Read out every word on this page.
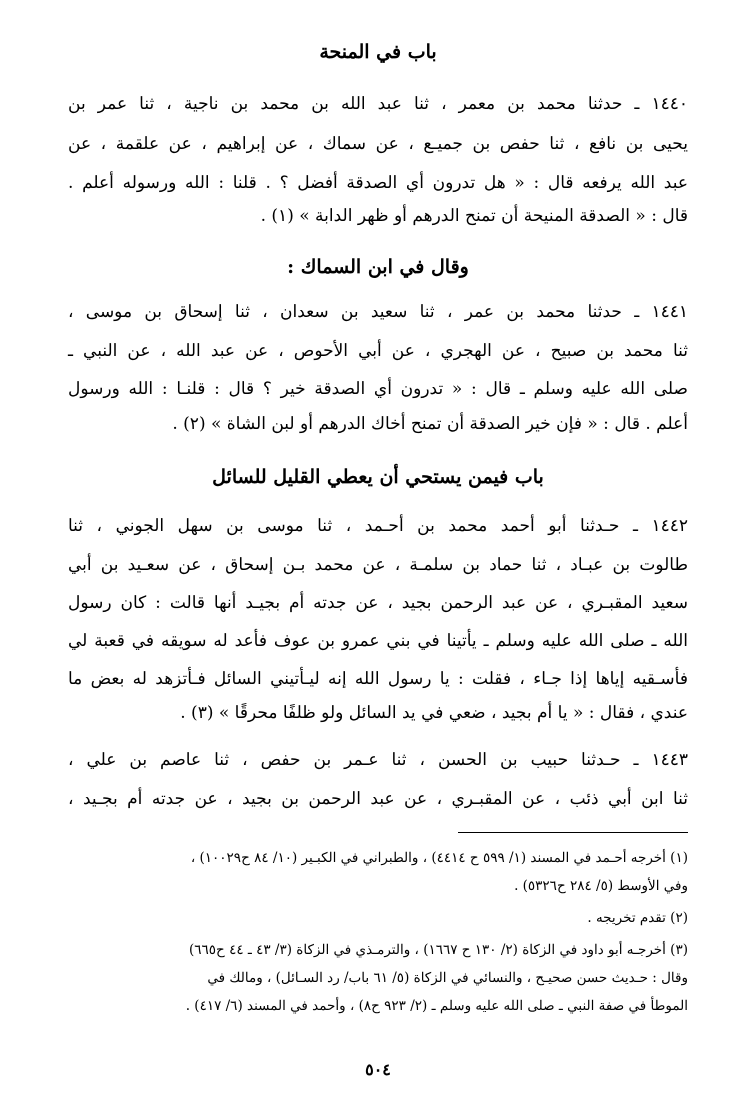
باب في المنحة
١٤٤٠ ـ حدثنا محمد بن معمر ، ثنا عبد الله بن محمد بن ناجية ، ثنا عمر بن
يحيى بن نافع ، ثنا حفص بن جميـع ، عن سماك ، عن إبراهيم ، عن علقمة ، عن
عبد الله يرفعه قال : « هل تدرون أي الصدقة أفضل ؟ . قلنا : الله ورسوله أعلم .
قال : « الصدقة المنيحة أن تمنح الدرهم أو ظهر الدابة » (١) .
وقال في ابن السماك :
١٤٤١ ـ حدثنا محمد بن عمر ، ثنا سعيد بن سعدان ، ثنا إسحاق بن موسى ،
ثنا محمد بن صبيح ، عن الهجري ، عن أبي الأحوص ، عن عبد الله ، عن النبي ـ
صلى الله عليه وسلم ـ قال : « تدرون أي الصدقة خير ؟ قال : قلنـا : الله ورسول
أعلم . قال : « فإن خير الصدقة أن تمنح أخاك الدرهم أو لبن الشاة » (٢) .
باب فيمن يستحي أن يعطي القليل للسائل
١٤٤٢ ـ حـدثنا أبو أحمد محمد بن أحـمد ، ثنا موسى بن سهل الجوني ، ثنا
طالوت بن عبـاد ، ثنا حماد بن سلمـة ، عن محمد بـن إسحاق ، عن سعـيد بن أبي
سعيد المقبـري ، عن عبد الرحمن بجيد ، عن جدته أم بجيـد أنها قالت : كان رسول
الله ـ صلى الله عليه وسلم ـ يأتينا في بني عمرو بن عوف فأعد له سويقه في قعبة لي
فأسـقيه إياها إذا جـاء ، فقلت : يا رسول الله إنه ليـأتيني السائل فـأتزهد له بعض ما
عندي ، فقال : « يا أم بجيد ، ضعي في يد السائل ولو ظلفًا محرقًا » (٣) .
١٤٤٣ ـ حـدثنا حبيب بن الحسن ، ثنا عـمر بن حفص ، ثنا عاصم بن علي ،
ثنا ابن أبي ذئب ، عن المقبـري ، عن عبد الرحمن بن بجيد ، عن جدته أم بجـيد ،
(١) أخرجه أحـمد في المسند (١/ ٥٩٩ ح ٤٤١٤) ، والطبراني في الكبـير (١٠/ ٨٤ ح١٠٠٢٩) ،
وفي الأوسط (٥/ ٢٨٤ ح٥٣٢٦) .
(٢) تقدم تخريجه .
(٣) أخرجـه أبو داود في الزكاة (٢/ ١٣٠ ح ١٦٦٧) ، والترمـذي في الزكاة (٣/ ٤٣ ـ ٤٤ ح٦٦٥)
وقال : حـديث حسن صحيـح ، والنسائي في الزكاة (٥/ ٦١ باب/ رد السـائل) ، ومالك في
الموطأ في صفة النبي ـ صلى الله عليه وسلم ـ (٢/ ٩٢٣ ح٨) ، وأحمد في المسند (٦/ ٤١٧) .
٥٠٤
